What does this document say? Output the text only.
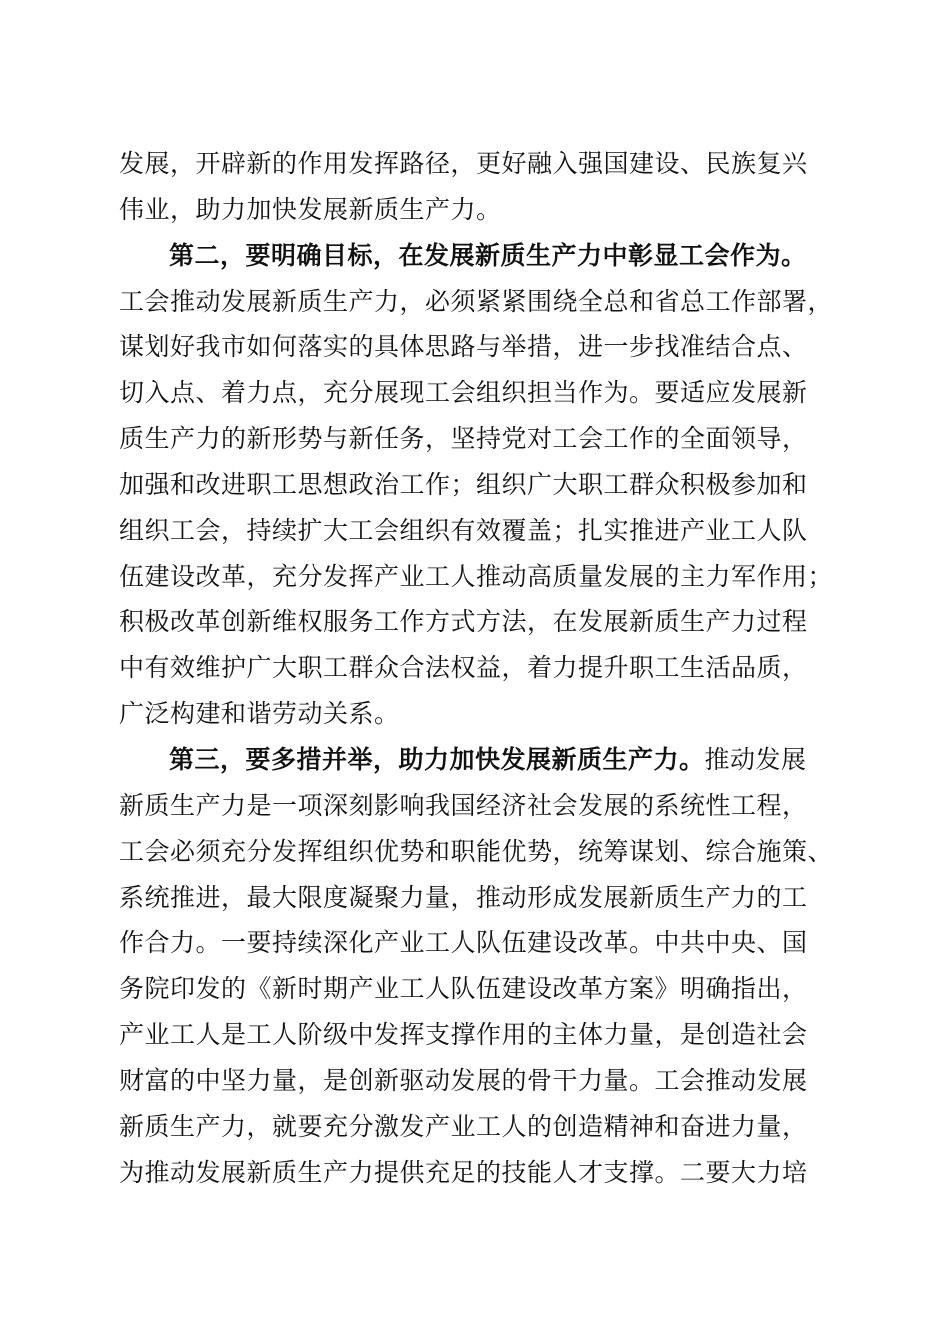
发展，开辟新的作用发挥路径，更好融入强国建设、民族复兴
伟业，助力加快发展新质生产力。
第二，要明确目标，在发展新质生产力中彰显工会作为。
工会推动发展新质生产力，必须紧紧围绕全总和省总工作部署，
谋划好我市如何落实的具体思路与举措，进一步找准结合点、
切入点、着力点，充分展现工会组织担当作为。要适应发展新
质生产力的新形势与新任务，坚持党对工会工作的全面领导，
加强和改进职工思想政治工作；组织广大职工群众积极参加和
组织工会，持续扩大工会组织有效覆盖；扎实推进产业工人队
伍建设改革，充分发挥产业工人推动高质量发展的主力军作用；
积极改革创新维权服务工作方式方法，在发展新质生产力过程
中有效维护广大职工群众合法权益，着力提升职工生活品质，
广泛构建和谐劳动关系。
第三，要多措并举，助力加快发展新质生产力。推动发展
新质生产力是一项深刻影响我国经济社会发展的系统性工程，
工会必须充分发挥组织优势和职能优势，统筹谋划、综合施策、
系统推进，最大限度凝聚力量，推动形成发展新质生产力的工
作合力。一要持续深化产业工人队伍建设改革。中共中央、国
务院印发的《新时期产业工人队伍建设改革方案》明确指出，
产业工人是工人阶级中发挥支撑作用的主体力量，是创造社会
财富的中坚力量，是创新驱动发展的骨干力量。工会推动发展
新质生产力，就要充分激发产业工人的创造精神和奋进力量，
为推动发展新质生产力提供充足的技能人才支撑。二要大力培
